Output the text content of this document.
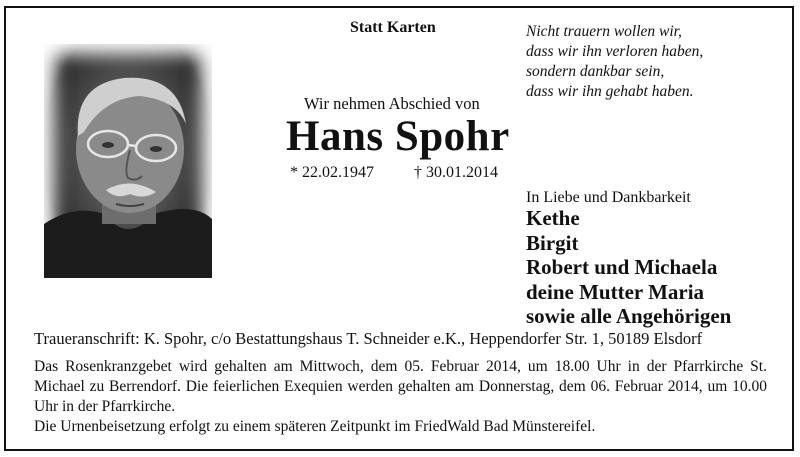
Statt Karten	Nicht trauern wollen wir,
dass wir ihn verloren haben,
sondern dankbar sein,
dass wir ihn gehabt haben.
Wir nehmen Abschied von
Hans Spohr
* 22.02.1947	† 30.01.2014
In Liebe und Dankbarkeit
Kethe
Birgit
Robert und Michaela
deine Mutter Maria
sowie alle Angehörigen
Traueranschrift: K. Spohr, c/o Bestattungshaus T. Schneider e.K., Heppendorfer Str. 1, 50189 Elsdorf

Das Rosenkranzgebet wird gehalten am Mittwoch, dem 05. Februar 2014, um 18.00 Uhr in der Pfarrkirche St. Michael zu Berrendorf. Die feierlichen Exequien werden gehalten am Donnerstag, dem 06. Februar 2014, um 10.00 Uhr in der Pfarrkirche.

Die Urnenbeisetzung erfolgt zu einem späteren Zeitpunkt im FriedWald Bad Münstereifel.
